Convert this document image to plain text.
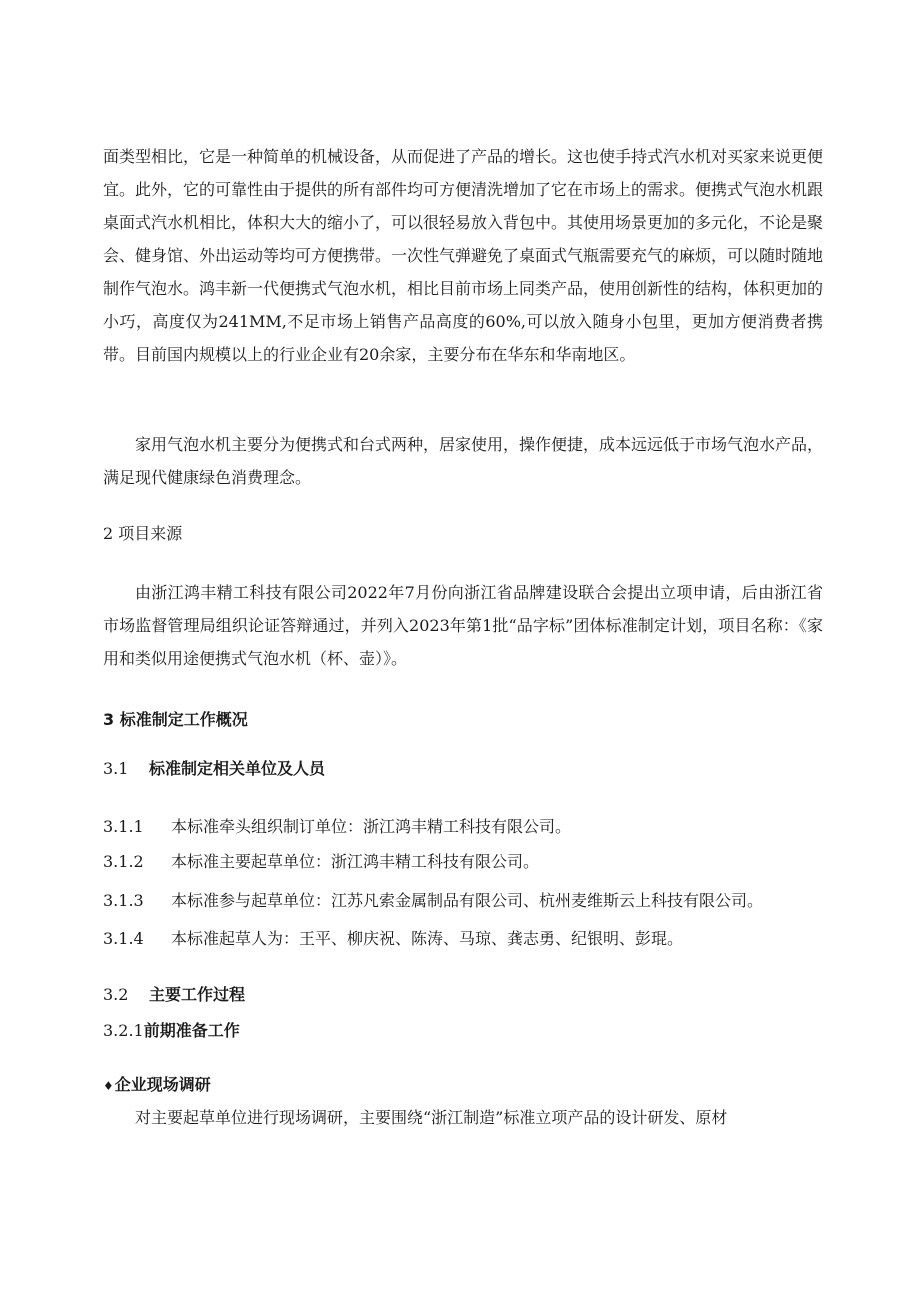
面类型相比，它是一种简单的机械设备，从而促进了产品的增长。这也使手持式汽水机对买家来说更便宜。此外，它的可靠性由于提供的所有部件均可方便清洗增加了它在市场上的需求。便携式气泡水机跟桌面式汽水机相比，体积大大的缩小了，可以很轻易放入背包中。其使用场景更加的多元化，不论是聚会、健身馆、外出运动等均可方便携带。一次性气弹避免了桌面式气瓶需要充气的麻烦，可以随时随地制作气泡水。鸿丰新一代便携式气泡水机，相比目前市场上同类产品，使用创新性的结构，体积更加的小巧，高度仅为241MM,不足市场上销售产品高度的60%,可以放入随身小包里，更加方便消费者携带。目前国内规模以上的行业企业有20余家，主要分布在华东和华南地区。

家用气泡水机主要分为便携式和台式两种，居家使用，操作便捷，成本远远低于市场气泡水产品，满足现代健康绿色消费理念。

2 项目来源

由浙江鸿丰精工科技有限公司2022年7月份向浙江省品牌建设联合会提出立项申请，后由浙江省市场监督管理局组织论证答辩通过，并列入2023年第1批“品字标”团体标准制定计划，项目名称：《家用和类似用途便携式气泡水机（杯、壶）》。

3 标准制定工作概况
3.1 标准制定相关单位及人员
3.1.1 本标准牵头组织制订单位：浙江鸿丰精工科技有限公司。
3.1.2 本标准主要起草单位：浙江鸿丰精工科技有限公司。
3.1.3 本标准参与起草单位：江苏凡索金属制品有限公司、杭州麦维斯云上科技有限公司。
3.1.4 本标准起草人为：王平、柳庆祝、陈涛、马琼、龚志勇、纪银明、彭琨。
3.2 主要工作过程
3.2.1前期准备工作
♦企业现场调研

对主要起草单位进行现场调研，主要围绕“浙江制造”标准立项产品的设计研发、原材
